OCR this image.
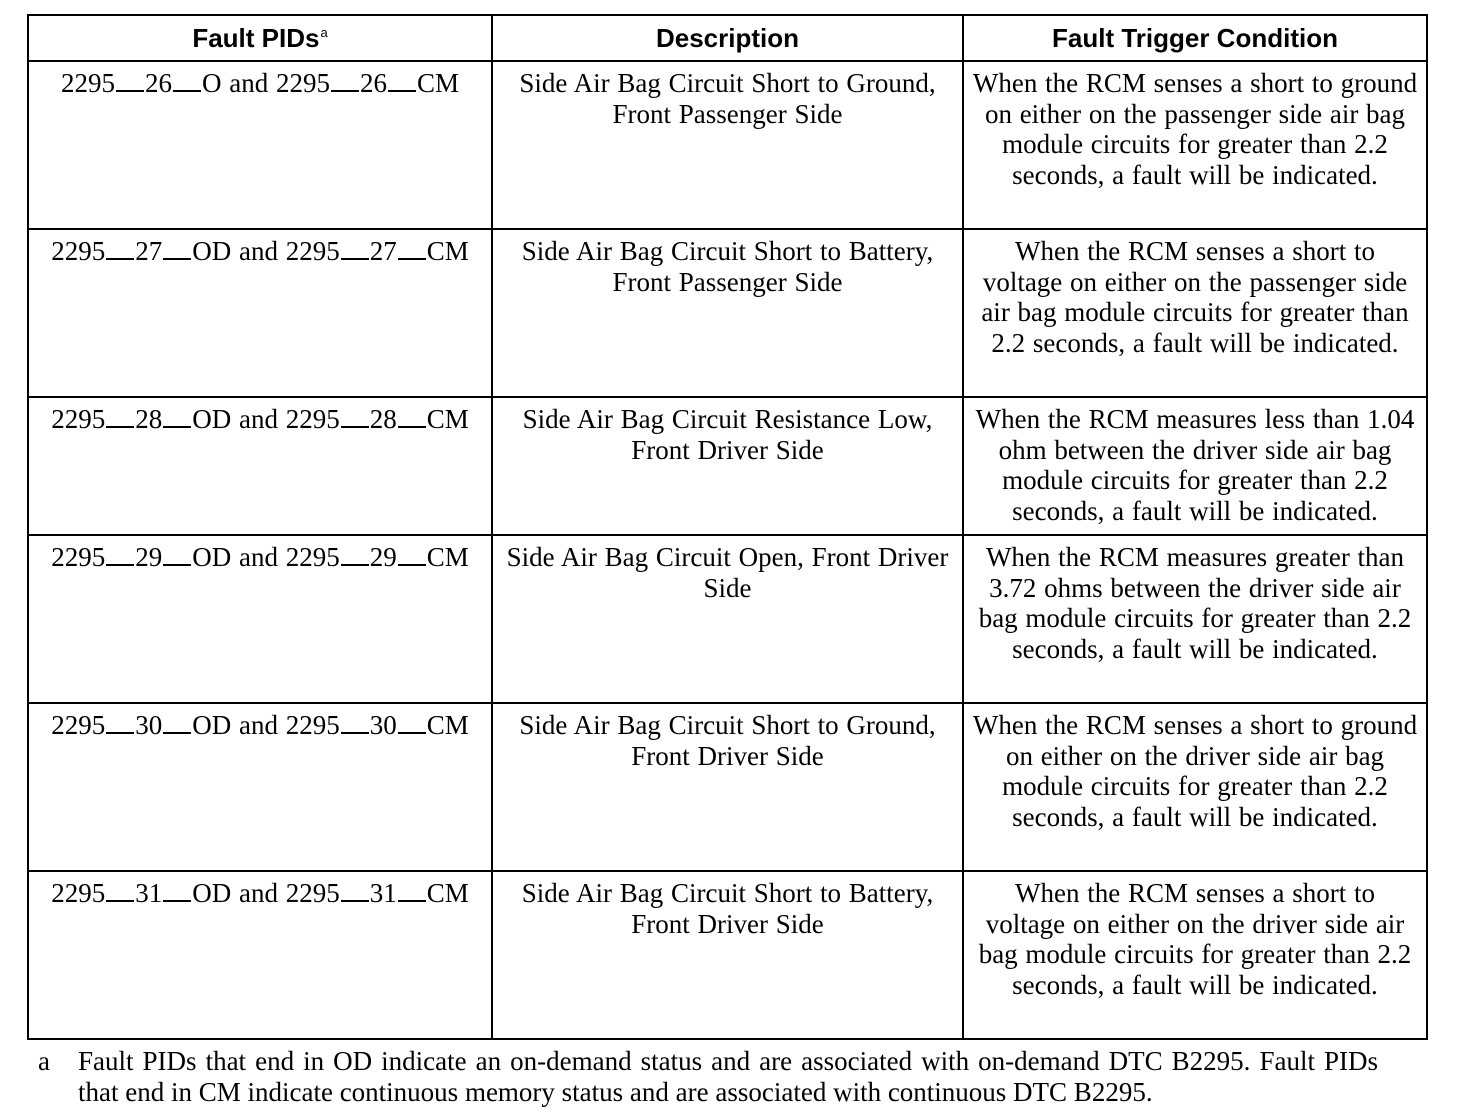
Fault PIDs$^a$	Description	Fault Trigger Condition
2295 26 O and 2295 26 CM	Side Air Bag Circuit Short to Ground, Front Passenger Side	When the RCM senses a short to ground on either on the passenger side air bag module circuits for greater than 2.2 seconds, a fault will be indicated.
2295 27 OD and 2295 27 CM	Side Air Bag Circuit Short to Battery, Front Passenger Side	When the RCM senses a short to voltage on either on the passenger side air bag module circuits for greater than 2.2 seconds, a fault will be indicated.
2295 28 OD and 2295 28 CM	Side Air Bag Circuit Resistance Low, Front Driver Side	When the RCM measures less than 1.04 ohm between the driver side air bag module circuits for greater than 2.2 seconds, a fault will be indicated.
2295 29 OD and 2295 29 CM	Side Air Bag Circuit Open, Front Driver Side	When the RCM measures greater than 3.72 ohms between the driver side air bag module circuits for greater than 2.2 seconds, a fault will be indicated.
2295 30 OD and 2295 30 CM	Side Air Bag Circuit Short to Ground, Front Driver Side	When the RCM senses a short to ground on either on the driver side air bag module circuits for greater than 2.2 seconds, a fault will be indicated.
2295 31 OD and 2295 31 CM	Side Air Bag Circuit Short to Battery, Front Driver Side	When the RCM senses a short to voltage on either on the driver side air bag module circuits for greater than 2.2 seconds, a fault will be indicated.
a Fault PIDs that end in OD indicate an on-demand status and are associated with on-demand DTC B2295. Fault PIDs that end in CM indicate continuous memory status and are associated with continuous DTC B2295.
